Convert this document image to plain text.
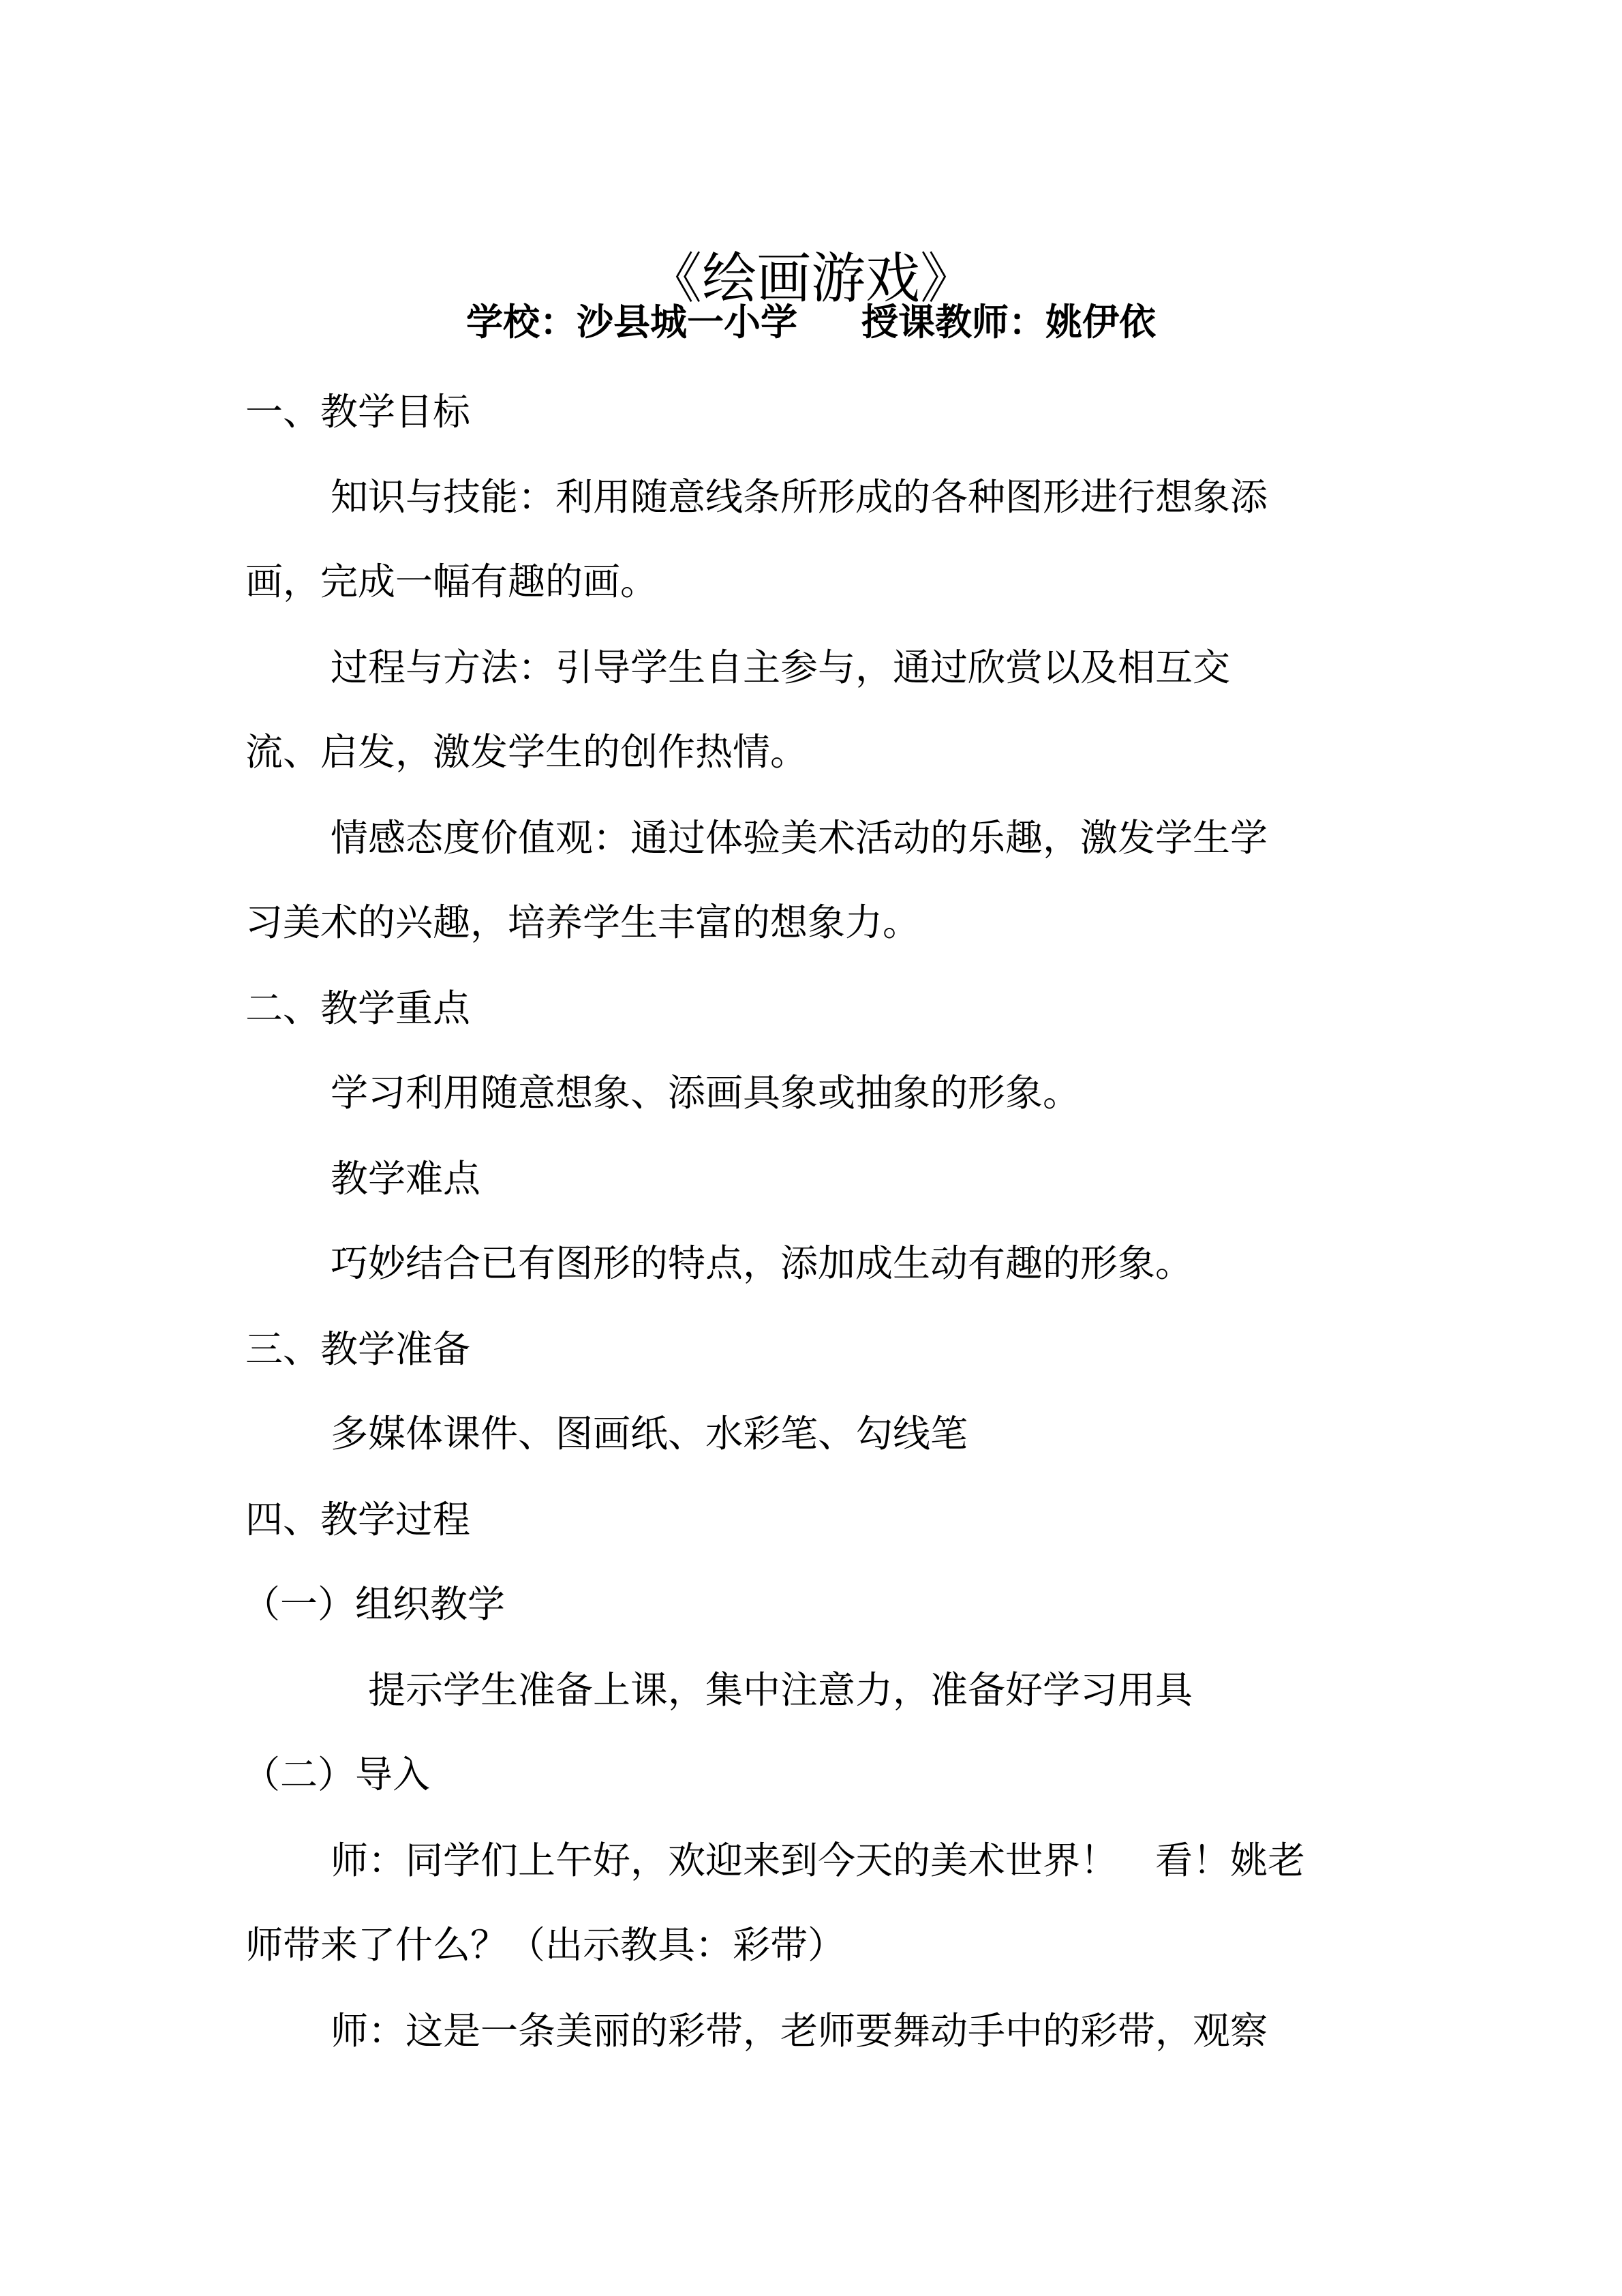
《绘画游戏》
学校：沙县城一小学 授课教师：姚伊依

一、教学目标

知识与技能：利用随意线条所形成的各种图形进行想象添

画，完成一幅有趣的画。

过程与方法：引导学生自主参与，通过欣赏以及相互交

流、启发，激发学生的创作热情。

情感态度价值观：通过体验美术活动的乐趣，激发学生学

习美术的兴趣，培养学生丰富的想象力。

二、教学重点

学习利用随意想象、添画具象或抽象的形象。

教学难点

巧妙结合已有图形的特点，添加成生动有趣的形象。

三、教学准备

多媒体课件、图画纸、水彩笔、勾线笔

四、教学过程

（一）组织教学

提示学生准备上课，集中注意力，准备好学习用具

（二）导入

师：同学们上午好，欢迎来到今天的美术世界！　看！姚老

师带来了什么？（出示教具：彩带）

师：这是一条美丽的彩带，老师要舞动手中的彩带，观察
